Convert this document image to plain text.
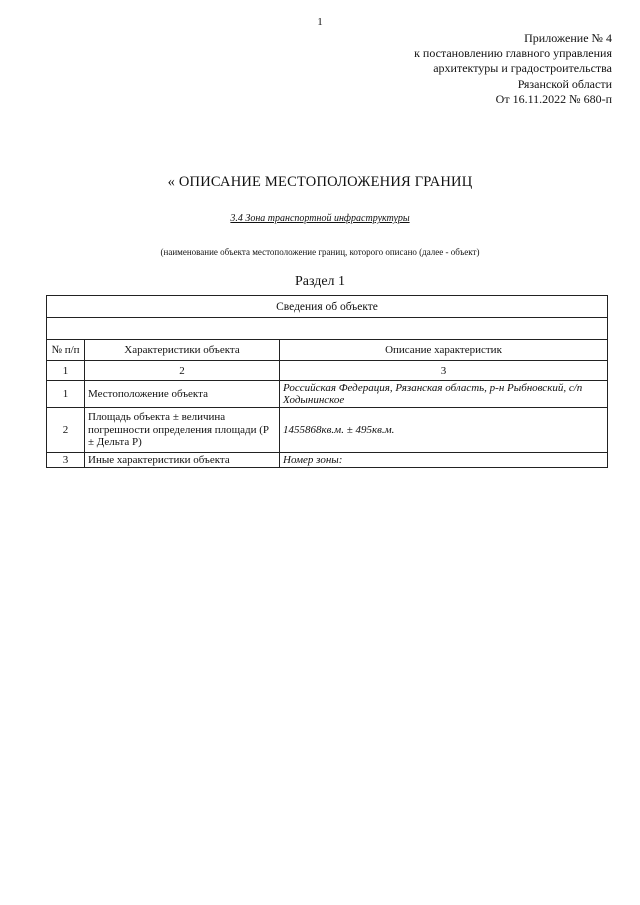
1
Приложение № 4
к постановлению главного управления
архитектуры и градостроительства
Рязанской области
От 16.11.2022 № 680-п
« ОПИСАНИЕ МЕСТОПОЛОЖЕНИЯ ГРАНИЦ
3.4 Зона транспортной инфраструктуры
(наименование объекта местоположение границ, которого описано (далее - объект)
Раздел 1
Сведения об объекте		

№ п/п	Характеристики объекта	Описание характеристик
1	2	3
1	Местоположение объекта	Российская Федерация, Рязанская область, р-н Рыбновский, с/п Ходынинское
2	Площадь объекта ± величина погрешности определения площади (P ± Дельта P)	1455868кв.м. ± 495кв.м.
3	Иные характеристики объекта	Номер зоны:
